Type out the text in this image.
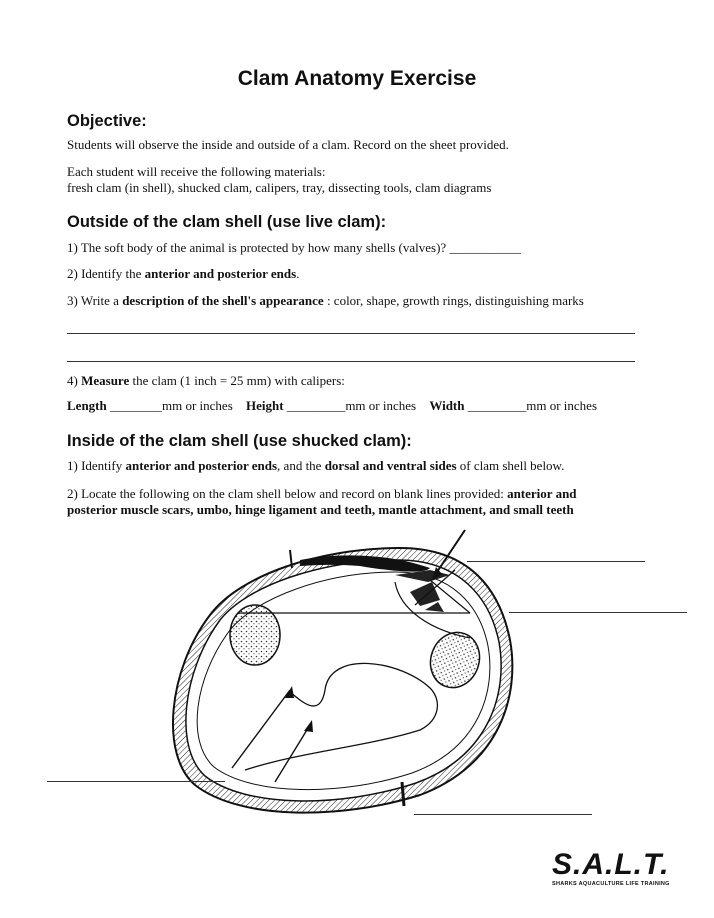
Clam Anatomy Exercise
Objective:
Students will observe the inside and outside of a clam. Record on the sheet provided.
Each student will receive the following materials:
fresh clam (in shell), shucked clam, calipers, tray, dissecting tools, clam diagrams
Outside of the clam shell (use live clam):
1) The soft body of the animal is protected by how many shells (valves)? ___________
2) Identify the anterior and posterior ends.
3) Write a description of the shell's appearance : color, shape, growth rings, distinguishing marks
4) Measure the clam (1 inch = 25 mm) with calipers:
Length ________mm or inches Height _________mm or inches Width _________mm or inches
Inside of the clam shell (use shucked clam):
1) Identify anterior and posterior ends, and the dorsal and ventral sides of clam shell below.
2) Locate the following on the clam shell below and record on blank lines provided: anterior and
posterior muscle scars, umbo, hinge ligament and teeth, mantle attachment, and small teeth
S.A.L.T.
SHARKS AQUACULTURE LIFE TRAINING
